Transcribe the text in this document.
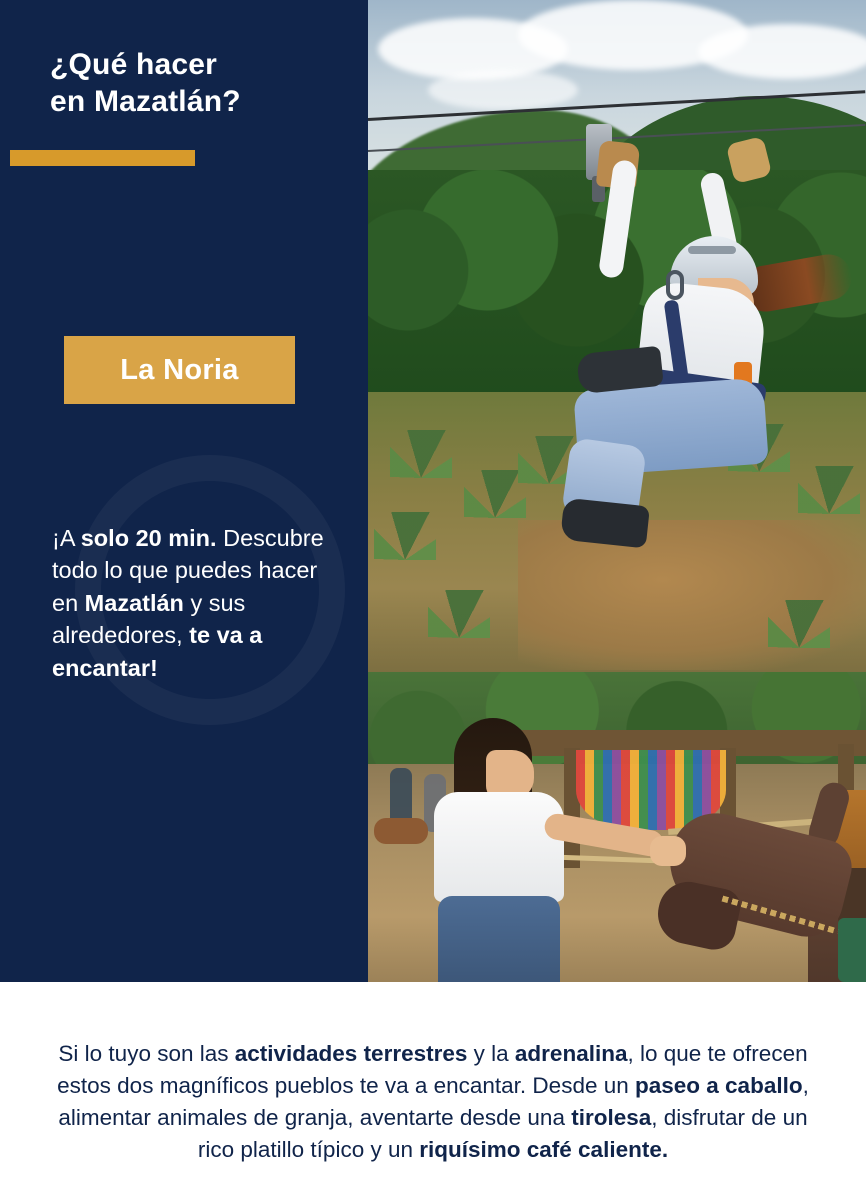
¿Qué hacer
en Mazatlán?
La Noria
¡A solo 20 min. Descubre todo lo que puedes hacer en Mazatlán y sus alrededores, te va a encantar!
Si lo tuyo son las actividades terrestres y la adrenalina, lo que te ofrecen estos dos magníficos pueblos te va a encantar. Desde un paseo a caballo, alimentar animales de granja, aventarte desde una tirolesa, disfrutar de un rico platillo típico y un riquísimo café caliente.
